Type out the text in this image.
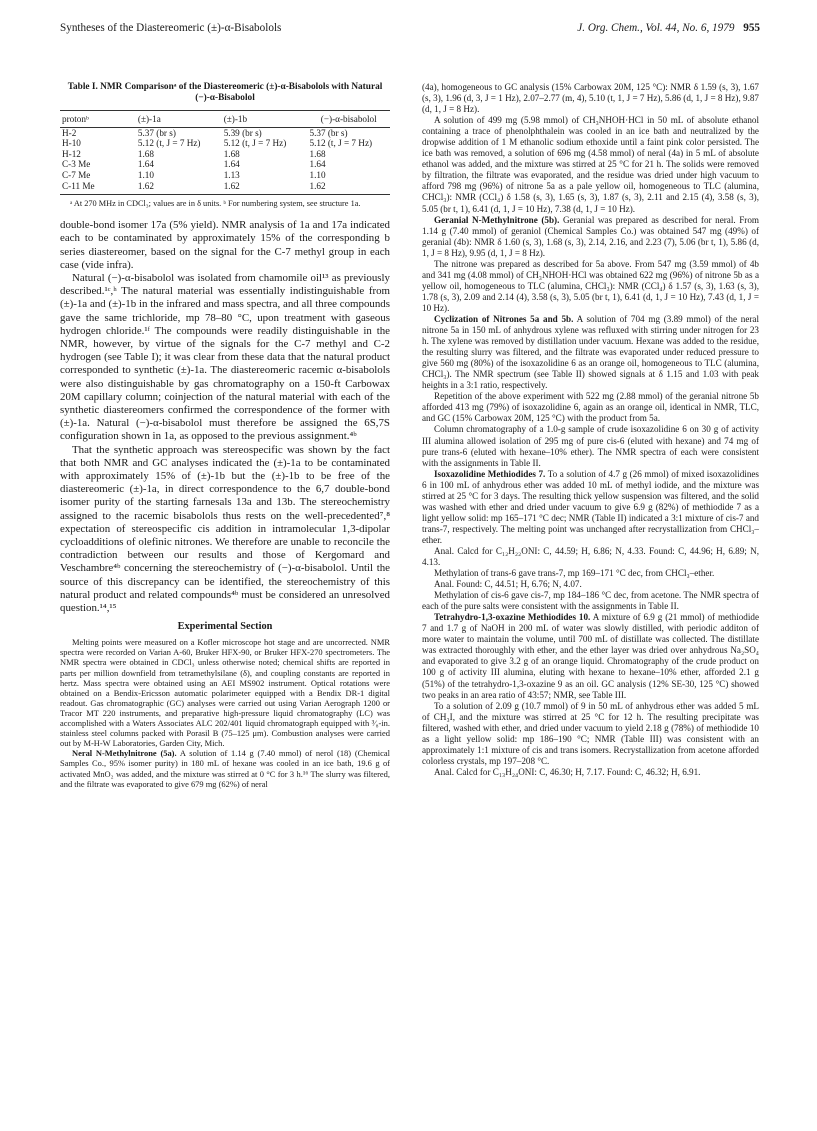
Syntheses of the Diastereomeric (±)-α-Bisabolols	J. Org. Chem., Vol. 44, No. 6, 1979 955
Table I. NMR Comparisonᵃ of the Diastereomeric (±)-α-Bisabolols with Natural (−)-α-Bisabolol

protonᵇ	(±)-1a	(±)-1b	(−)-α-bisabolol
H-2	5.37 (br s)	5.39 (br s)	5.37 (br s)
H-10	5.12 (t, J = 7 Hz)	5.12 (t, J = 7 Hz)	5.12 (t, J = 7 Hz)
H-12	1.68	1.68	1.68
C-3 Me	1.64	1.64	1.64
C-7 Me	1.10	1.13	1.10
C-11 Me	1.62	1.62	1.62
ᵃ At 270 MHz in CDCl₃; values are in δ units. ᵇ For numbering system, see structure 1a.

double-bond isomer 17a (5% yield). NMR analysis of 1a and 17a indicated each to be contaminated by approximately 15% of the corresponding b series diastereomer, based on the signal for the C-7 methyl group in each case (vide infra).

Natural (−)-α-bisabolol was isolated from chamomile oil¹³ as previously described.¹ᶜ,ʰ The natural material was essentially indistinguishable from (±)-1a and (±)-1b in the infrared and mass spectra, and all three compounds gave the same trichloride, mp 78–80 °C, upon treatment with gaseous hydrogen chloride.¹ᶠ The compounds were readily distinguishable in the NMR, however, by virtue of the signals for the C-7 methyl and C-2 hydrogen (see Table I); it was clear from these data that the natural product corresponded to synthetic (±)-1a. The diastereomeric racemic α-bisabolols were also distinguishable by gas chromatography on a 150-ft Carbowax 20M capillary column; coinjection of the natural material with each of the synthetic diastereomers confirmed the correspondence of the former with (±)-1a. Natural (−)-α-bisabolol must therefore be assigned the 6S,7S configuration shown in 1a, as opposed to the previous assignment.⁴ᵇ

That the synthetic approach was stereospecific was shown by the fact that both NMR and GC analyses indicated the (±)-1a to be contaminated with approximately 15% of (±)-1b but the (±)-1b to be free of the diastereomeric (±)-1a, in direct correspondence to the 6,7 double-bond isomer purity of the starting farnesals 13a and 13b. The stereochemistry assigned to the racemic bisabolols thus rests on the well-precedented⁷,⁸ expectation of stereospecific cis addition in intramolecular 1,3-dipolar cycloadditions of olefinic nitrones. We therefore are unable to reconcile the contradiction between our results and those of Kergomard and Veschambre⁴ᵇ concerning the stereochemistry of (−)-α-bisabolol. Until the source of this discrepancy can be identified, the stereochemistry of this natural product and related compounds⁴ᵇ must be considered an unresolved question.¹⁴,¹⁵

Experimental Section

Melting points were measured on a Kofler microscope hot stage and are uncorrected. NMR spectra were recorded on Varian A-60, Bruker HFX-90, or Bruker HFX-270 spectrometers. The NMR spectra were obtained in CDCl₃ unless otherwise noted; chemical shifts are reported in parts per million downfield from tetramethylsilane (δ), and coupling constants are reported in hertz. Mass spectra were obtained using an AEI MS902 instrument. Optical rotations were obtained on a Bendix-Ericsson automatic polarimeter equipped with a Bendix DR-1 digital readout. Gas chromatographic (GC) analyses were carried out using Varian Aerograph 1200 or Tracor MT 220 instruments, and preparative high-pressure liquid chromatography (LC) was accomplished with a Waters Associates ALC 202/401 liquid chromatograph equipped with ³⁄₈-in. stainless steel columns packed with Porasil B (75–125 μm). Combustion analyses were carried out by M-H-W Laboratories, Garden City, Mich.

Neral N-Methylnitrone (5a). A solution of 1.14 g (7.40 mmol) of nerol (18) (Chemical Samples Co., 95% isomer purity) in 180 mL of hexane was cooled in an ice bath, 19.6 g of activated MnO₂ was added, and the mixture was stirred at 0 °C for 3 h.¹⁶ The slurry was filtered, and the filtrate was evaporated to give 679 mg (62%) of neral

(4a), homogeneous to GC analysis (15% Carbowax 20M, 125 °C): NMR δ 1.59 (s, 3), 1.67 (s, 3), 1.96 (d, 3, J = 1 Hz), 2.07–2.77 (m, 4), 5.10 (t, 1, J = 7 Hz), 5.86 (d, 1, J = 8 Hz), 9.87 (d, 1, J = 8 Hz).

A solution of 499 mg (5.98 mmol) of CH₃NHOH·HCl in 50 mL of absolute ethanol containing a trace of phenolphthalein was cooled in an ice bath and neutralized by the dropwise addition of 1 M ethanolic sodium ethoxide until a faint pink color persisted. The ice bath was removed, a solution of 696 mg (4.58 mmol) of neral (4a) in 5 mL of absolute ethanol was added, and the mixture was stirred at 25 °C for 21 h. The solids were removed by filtration, the filtrate was evaporated, and the residue was dried under high vacuum to afford 798 mg (96%) of nitrone 5a as a pale yellow oil, homogeneous to TLC (alumina, CHCl₃): NMR (CCl₄) δ 1.58 (s, 3), 1.65 (s, 3), 1.87 (s, 3), 2.11 and 2.15 (4), 3.58 (s, 3), 5.05 (br t, 1), 6.41 (d, 1, J = 10 Hz), 7.38 (d, 1, J = 10 Hz).

Geranial N-Methylnitrone (5b). Geranial was prepared as described for neral. From 1.14 g (7.40 mmol) of geraniol (Chemical Samples Co.) was obtained 547 mg (49%) of geranial (4b): NMR δ 1.60 (s, 3), 1.68 (s, 3), 2.14, 2.16, and 2.23 (7), 5.06 (br t, 1), 5.86 (d, 1, J = 8 Hz), 9.95 (d, 1, J = 8 Hz).

The nitrone was prepared as described for 5a above. From 547 mg (3.59 mmol) of 4b and 341 mg (4.08 mmol) of CH₃NHOH·HCl was obtained 622 mg (96%) of nitrone 5b as a yellow oil, homogeneous to TLC (alumina, CHCl₃): NMR (CCl₄) δ 1.57 (s, 3), 1.63 (s, 3), 1.78 (s, 3), 2.09 and 2.14 (4), 3.58 (s, 3), 5.05 (br t, 1), 6.41 (d, 1, J = 10 Hz), 7.43 (d, 1, J = 10 Hz).

Cyclization of Nitrones 5a and 5b. A solution of 704 mg (3.89 mmol) of the neral nitrone 5a in 150 mL of anhydrous xylene was refluxed with stirring under nitrogen for 23 h. The xylene was removed by distillation under vacuum. Hexane was added to the residue, the resulting slurry was filtered, and the filtrate was evaporated under reduced pressure to give 560 mg (80%) of the isoxazolidine 6 as an orange oil, homogeneous to TLC (alumina, CHCl₃). The NMR spectrum (see Table II) showed signals at δ 1.15 and 1.03 with peak heights in a 3:1 ratio, respectively.

Repetition of the above experiment with 522 mg (2.88 mmol) of the geranial nitrone 5b afforded 413 mg (79%) of isoxazolidine 6, again as an orange oil, identical in NMR, TLC, and GC (15% Carbowax 20M, 125 °C) with the product from 5a.

Column chromatography of a 1.0-g sample of crude isoxazolidine 6 on 30 g of activity III alumina allowed isolation of 295 mg of pure cis-6 (eluted with hexane) and 74 mg of pure trans-6 (eluted with hexane–10% ether). The NMR spectra of each were consistent with the assignments in Table II.

Isoxazolidine Methiodides 7. To a solution of 4.7 g (26 mmol) of mixed isoxazolidines 6 in 100 mL of anhydrous ether was added 10 mL of methyl iodide, and the mixture was stirred at 25 °C for 3 days. The resulting thick yellow suspension was filtered, and the solid was washed with ether and dried under vacuum to give 6.9 g (82%) of methiodide 7 as a light yellow solid: mp 165–171 °C dec; NMR (Table II) indicated a 3:1 mixture of cis-7 and trans-7, respectively. The melting point was unchanged after recrystallization from CHCl₃–ether.

Anal. Calcd for C₁₂H₂₂ONI: C, 44.59; H, 6.86; N, 4.33. Found: C, 44.96; H, 6.89; N, 4.13.

Methylation of trans-6 gave trans-7, mp 169–171 °C dec, from CHCl₃–ether.

Anal. Found: C, 44.51; H, 6.76; N, 4.07.

Methylation of cis-6 gave cis-7, mp 184–186 °C dec, from acetone. The NMR spectra of each of the pure salts were consistent with the assignments in Table II.

Tetrahydro-1,3-oxazine Methiodides 10. A mixture of 6.9 g (21 mmol) of methiodide 7 and 1.7 g of NaOH in 200 mL of water was slowly distilled, with periodic additon of more water to maintain the volume, until 700 mL of distillate was collected. The distillate was extracted thoroughly with ether, and the ether layer was dried over anhydrous Na₂SO₄ and evaporated to give 3.2 g of an orange liquid. Chromatography of the crude product on 100 g of activity III alumina, eluting with hexane to hexane–10% ether, afforded 2.1 g (51%) of the tetrahydro-1,3-oxazine 9 as an oil. GC analysis (12% SE-30, 125 °C) showed two peaks in an area ratio of 43:57; NMR, see Table III.

To a solution of 2.09 g (10.7 mmol) of 9 in 50 mL of anhydrous ether was added 5 mL of CH₃I, and the mixture was stirred at 25 °C for 12 h. The resulting precipitate was filtered, washed with ether, and dried under vacuum to yield 2.18 g (78%) of methiodide 10 as a light yellow solid: mp 186–190 °C; NMR (Table III) was consistent with an approximately 1:1 mixture of cis and trans isomers. Recrystallization from acetone afforded colorless crystals, mp 197–208 °C.

Anal. Calcd for C₁₃H₂₄ONI: C, 46.30; H, 7.17. Found: C, 46.32; H, 6.91.
